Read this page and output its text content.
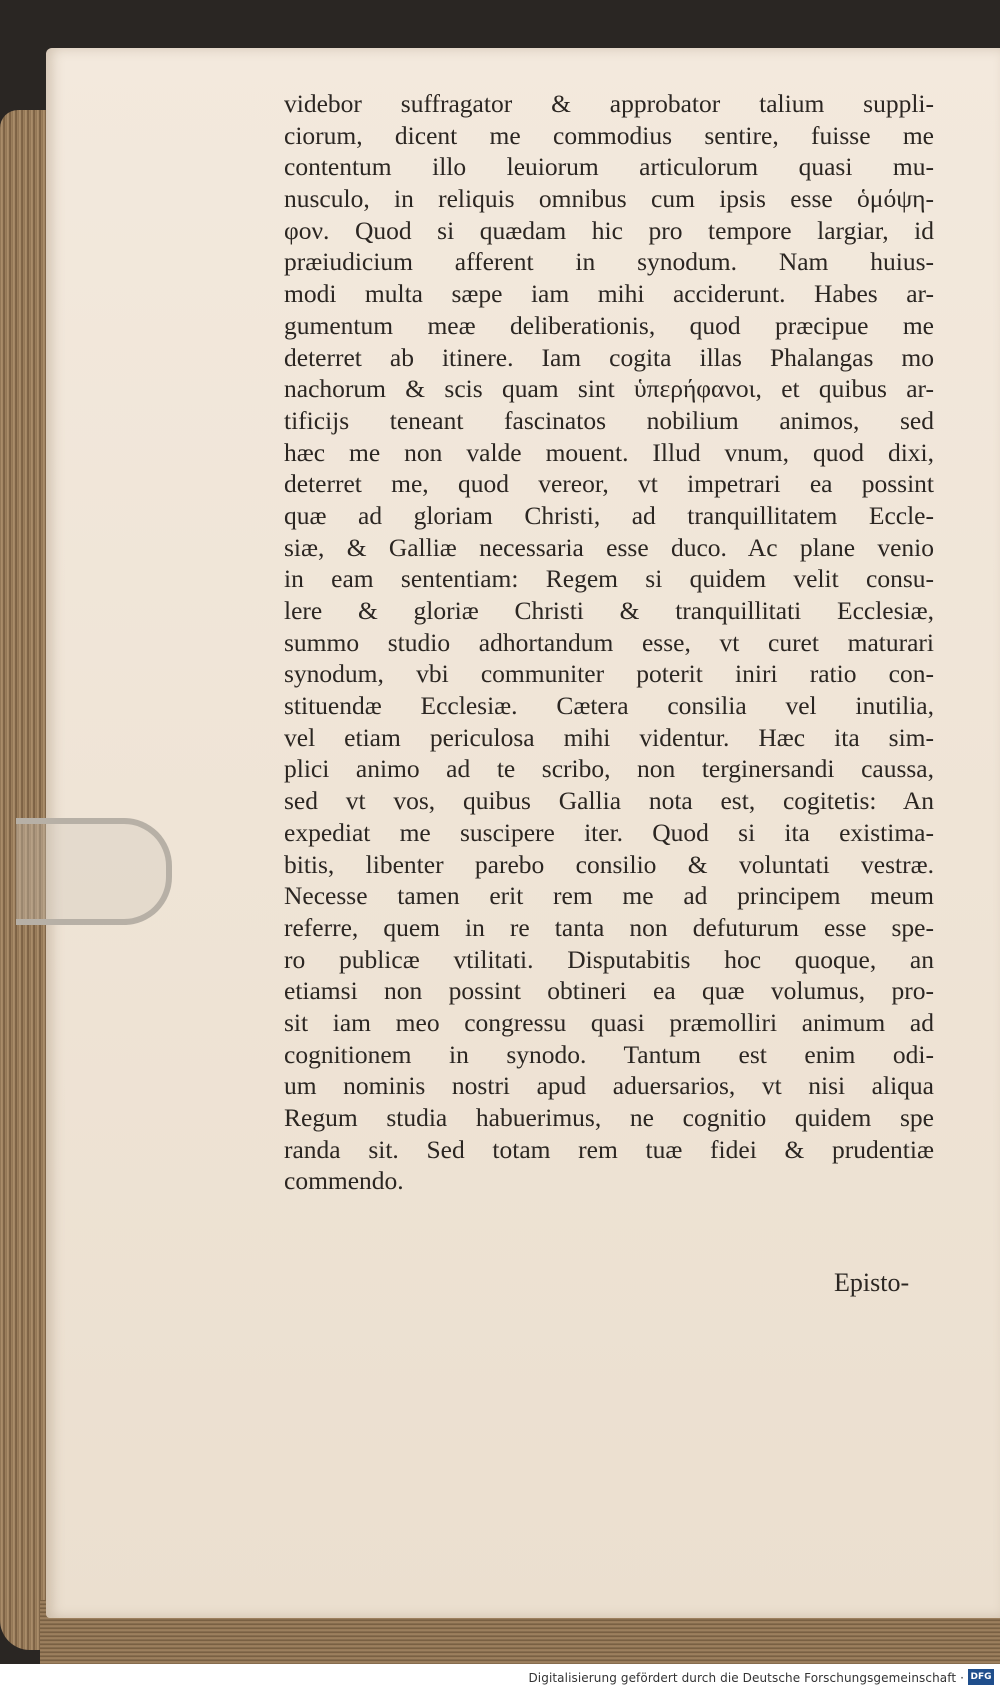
videbor suffragator & approbator talium suppli-
ciorum, dicent me commodius sentire, fuisse me
contentum illo leuiorum articulorum quasi mu-
nusculo, in reliquis omnibus cum ipsis esse ὁμόψη-
φον. Quod si quædam hic pro tempore largiar, id
præiudicium afferent in synodum. Nam huius-
modi multa sæpe iam mihi acciderunt. Habes ar-
gumentum meæ deliberationis, quod præcipue me
deterret ab itinere. Iam cogita illas Phalangas mo
nachorum & scis quam sint ὑπερήφανοι, et quibus ar-
tificijs teneant fascinatos nobilium animos, sed
hæc me non valde mouent. Illud vnum, quod dixi,
deterret me, quod vereor, vt impetrari ea possint
quæ ad gloriam Christi, ad tranquillitatem Eccle-
siæ, & Galliæ necessaria esse duco. Ac plane venio
in eam sententiam: Regem si quidem velit consu-
lere & gloriæ Christi & tranquillitati Ecclesiæ,
summo studio adhortandum esse, vt curet maturari
synodum, vbi communiter poterit iniri ratio con-
stituendæ Ecclesiæ. Cætera consilia vel inutilia,
vel etiam periculosa mihi videntur. Hæc ita sim-
plici animo ad te scribo, non terginersandi caussa,
sed vt vos, quibus Gallia nota est, cogitetis: An
expediat me suscipere iter. Quod si ita existima-
bitis, libenter parebo consilio & voluntati vestræ.
Necesse tamen erit rem me ad principem meum
referre, quem in re tanta non defuturum esse spe-
ro publicæ vtilitati. Disputabitis hoc quoque, an
etiamsi non possint obtineri ea quæ volumus, pro-
sit iam meo congressu quasi præmolliri animum ad
cognitionem in synodo. Tantum est enim odi-
um nominis nostri apud aduersarios, vt nisi aliqua
Regum studia habuerimus, ne cognitio quidem spe
randa sit. Sed totam rem tuæ fidei & prudentiæ
commendo.
Episto-
Digitalisierung gefördert durch die Deutsche Forschungsgemeinschaft · DFG
